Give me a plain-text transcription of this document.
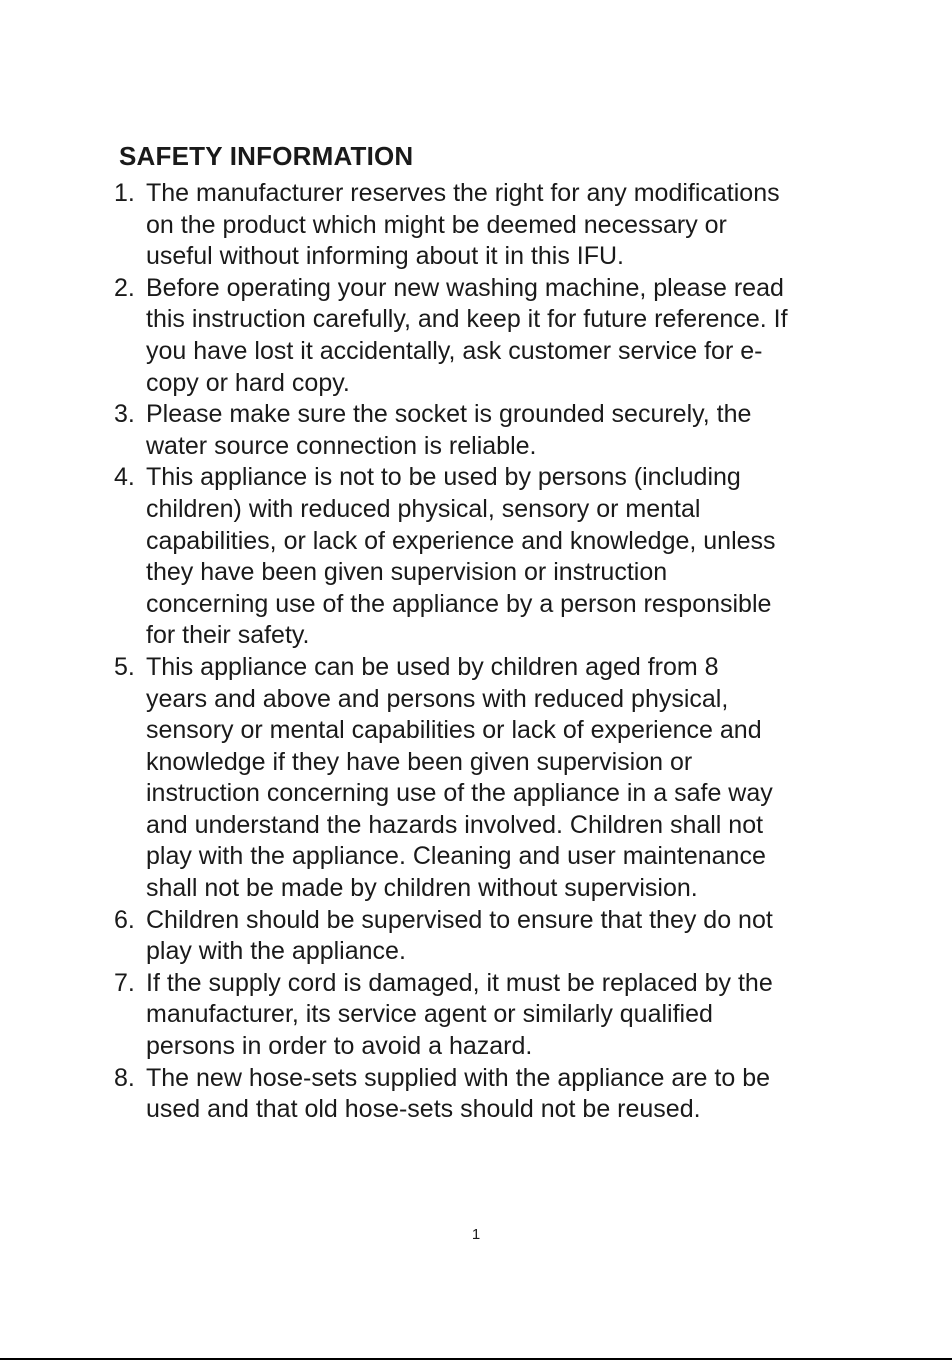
SAFETY INFORMATION
1. The manufacturer reserves the right for any modifications
on the product which might be deemed necessary or
useful without informing about it in this IFU.
2. Before operating your new washing machine, please read
this instruction carefully, and keep it for future reference. If
you have lost it accidentally, ask customer service for e-
copy or hard copy.
3. Please make sure the socket is grounded securely, the
water source connection is reliable.
4. This appliance is not to be used by persons (including
children) with reduced physical, sensory or mental
capabilities, or lack of experience and knowledge, unless
they have been given supervision or instruction
concerning use of the appliance by a person responsible
for their safety.
5. This appliance can be used by children aged from 8
years and above and persons with reduced physical,
sensory or mental capabilities or lack of experience and
knowledge if they have been given supervision or
instruction concerning use of the appliance in a safe way
and understand the hazards involved. Children shall not
play with the appliance. Cleaning and user maintenance
shall not be made by children without supervision.
6. Children should be supervised to ensure that they do not
play with the appliance.
7. If the supply cord is damaged, it must be replaced by the
manufacturer, its service agent or similarly qualified
persons in order to avoid a hazard.
8. The new hose-sets supplied with the appliance are to be
used and that old hose-sets should not be reused.
1
